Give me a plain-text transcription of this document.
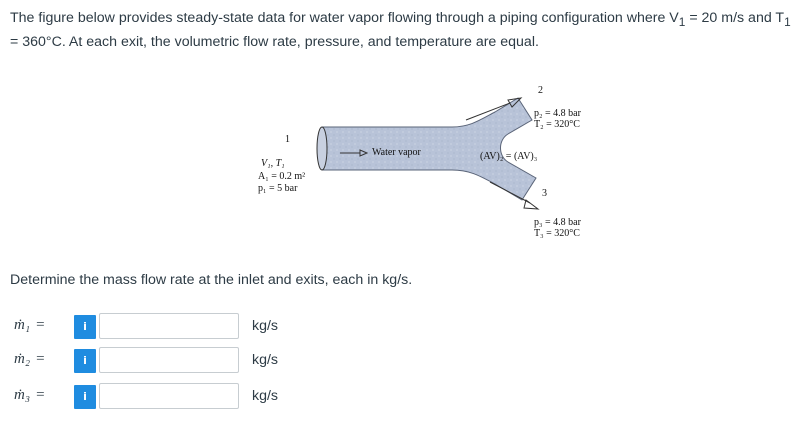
The figure below provides steady-state data for water vapor flowing through a piping configuration where $V_1 = 20$ m/s and $T_1 = 360^\circ C$. At each exit, the volumetric flow rate, pressure, and temperature are equal.
1
V₁, T₁
A₁ = 0.2 m²
p₁ = 5 bar
Water vapor	(AV)₂ = (AV)₃
2
p₂ = 4.8 bar
T₂ = 320°C
3
p₃ = 4.8 bar
T₃ = 320°C
Determine the mass flow rate at the inlet and exits, each in kg/s.
ṁ₁ =	i	kg/s
ṁ₂ =	i	kg/s
ṁ₃ =	i	kg/s
